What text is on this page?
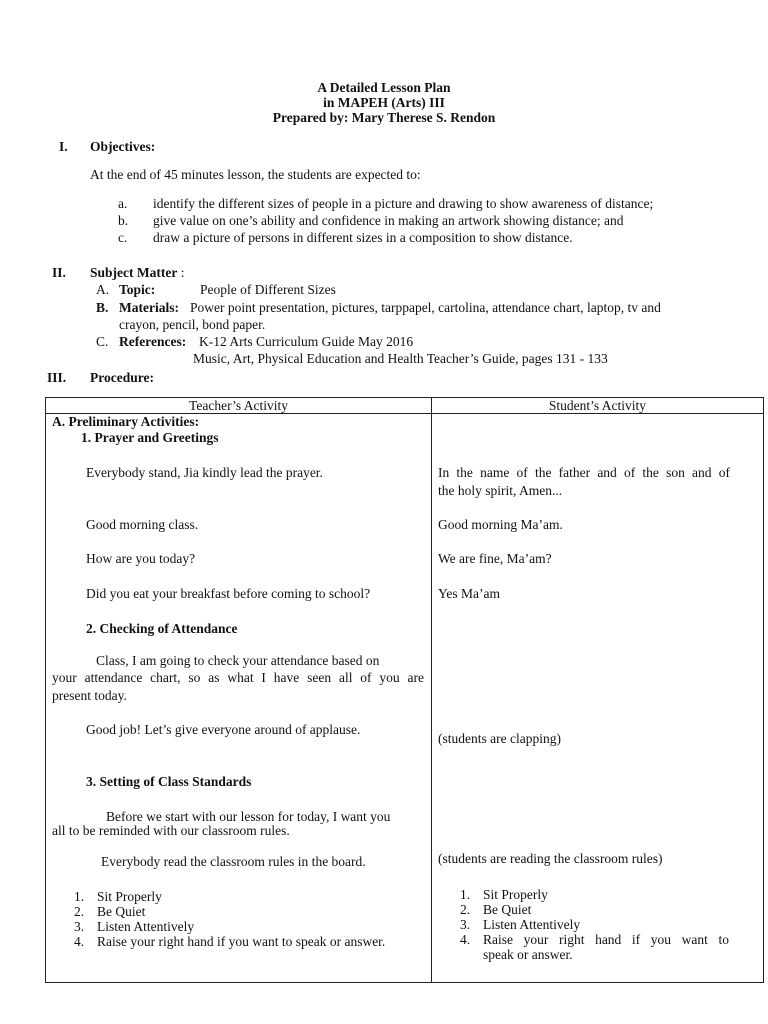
A Detailed Lesson Plan
in MAPEH (Arts) III
Prepared by: Mary Therese S. Rendon
I. Objectives:
At the end of 45 minutes lesson, the students are expected to:
a. identify the different sizes of people in a picture and drawing to show awareness of distance;
b. give value on one’s ability and confidence in making an artwork showing distance; and
c. draw a picture of persons in different sizes in a composition to show distance.
II. Subject Matter :
A. Topic:	People of Different Sizes
B. Materials: Power point presentation, pictures, tarppapel, cartolina, attendance chart, laptop, tv and
crayon, pencil, bond paper.
C. References: K-12 Arts Curriculum Guide May 2016
Music, Art, Physical Education and Health Teacher’s Guide, pages 131 - 133
III. Procedure:
Teacher’s Activity	Student’s Activity
A. Preliminary Activities:
1. Prayer and Greetings
Everybody stand, Jia kindly lead the prayer.
Good morning class.
How are you today?
Did you eat your breakfast before coming to school?
2. Checking of Attendance
Class, I am going to check your attendance based on
your attendance chart, so as what I have seen all of you are
present today.
Good job! Let’s give everyone around of applause.
3. Setting of Class Standards
Before we start with our lesson for today, I want you
all to be reminded with our classroom rules.
Everybody read the classroom rules in the board.
1. Sit Properly
2. Be Quiet
3. Listen Attentively
4. Raise your right hand if you want to speak or answer.
In the name of the father and of the son and of
the holy spirit, Amen...
Good morning Ma’am.
We are fine, Ma’am?
Yes Ma’am
(students are clapping)
(students are reading the classroom rules)
1. Sit Properly
2. Be Quiet
3. Listen Attentively
4. Raise your right hand if you want to
speak or answer.
